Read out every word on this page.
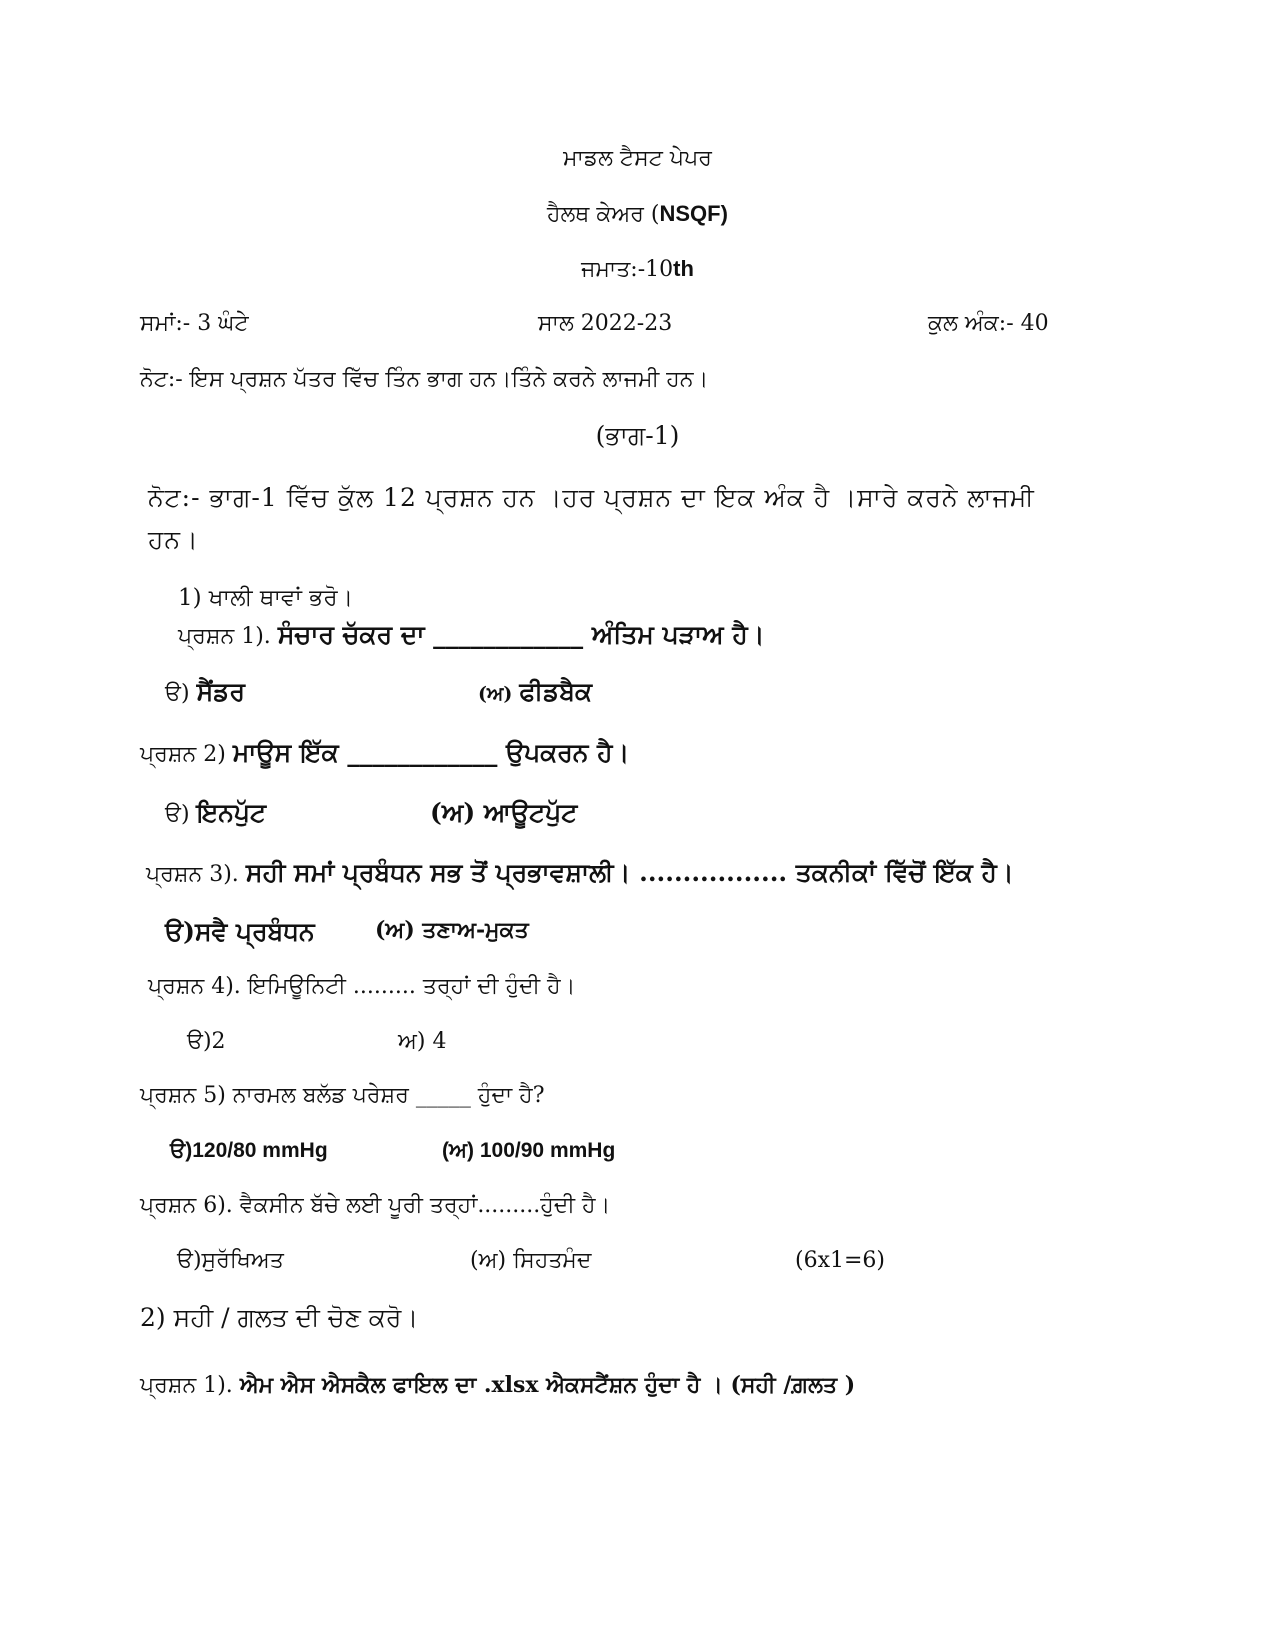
ਮਾਡਲ ਟੈਸਟ ਪੇਪਰ
ਹੈਲਥ ਕੇਅਰ (NSQF)
ਜਮਾਤ:-10th
ਸਮਾਂ:- 3 ਘੰਟੇ	ਸਾਲ 2022-23	ਕੁਲ ਅੰਕ:- 40
ਨੋਟ:- ਇਸ ਪ੍ਰਸ਼ਨ ਪੱਤਰ ਵਿੱਚ ਤਿੰਨ ਭਾਗ ਹਨ।ਤਿੰਨੇ ਕਰਨੇ ਲਾਜਮੀ ਹਨ।
(ਭਾਗ-1)
ਨੋਟ:- ਭਾਗ-1 ਵਿੱਚ ਕੁੱਲ 12 ਪ੍ਰਸ਼ਨ ਹਨ ।ਹਰ ਪ੍ਰਸ਼ਨ ਦਾ ਇਕ ਅੰਕ ਹੈ ।ਸਾਰੇ ਕਰਨੇ ਲਾਜਮੀ ਹਨ।
1) ਖਾਲੀ ਥਾਵਾਂ ਭਰੋ।
ਪ੍ਰਸ਼ਨ 1). ਸੰਚਾਰ ਚੱਕਰ ਦਾ ____________ ਅੰਤਿਮ ਪੜਾਅ ਹੈ।
ੳ) ਸੈਂਡਰ	(ਅ) ਫੀਡਬੈਕ
ਪ੍ਰਸ਼ਨ 2) ਮਾਊਸ ਇੱਕ ____________ ਉਪਕਰਨ ਹੈ।
ੳ) ਇਨਪੁੱਟ	(ਅ) ਆਊਟਪੁੱਟ
ਪ੍ਰਸ਼ਨ 3). ਸਹੀ ਸਮਾਂ ਪ੍ਰਬੰਧਨ ਸਭ ਤੋਂ ਪ੍ਰਭਾਵਸ਼ਾਲੀ। ................. ਤਕਨੀਕਾਂ ਵਿੱਚੋਂ ਇੱਕ ਹੈ।
ੳ)ਸਵੈ ਪ੍ਰਬੰਧਨ	(ਅ) ਤਣਾਅ-ਮੁਕਤ
ਪ੍ਰਸ਼ਨ 4). ਇਮਿਊਨਿਟੀ ......... ਤਰ੍ਹਾਂ ਦੀ ਹੁੰਦੀ ਹੈ।
ੳ)2	ਅ) 4
ਪ੍ਰਸ਼ਨ 5) ਨਾਰਮਲ ਬਲੱਡ ਪਰੇਸ਼ਰ _____ ਹੁੰਦਾ ਹੈ?
ੳ)120/80 mmHg	(ਅ) 100/90 mmHg
ਪ੍ਰਸ਼ਨ 6). ਵੈਕਸੀਨ ਬੱਚੇ ਲਈ ਪੂਰੀ ਤਰ੍ਹਾਂ.........ਹੁੰਦੀ ਹੈ।
ੳ)ਸੁਰੱਖਿਅਤ	(ਅ) ਸਿਹਤਮੰਦ	(6x1=6)
2) ਸਹੀ / ਗਲਤ ਦੀ ਚੋਣ ਕਰੋ।
ਪ੍ਰਸ਼ਨ 1). ਐਮ ਐਸ ਐਸਕੈਲ ਫਾਇਲ ਦਾ .xlsx ਐਕਸਟੈਂਸ਼ਨ ਹੁੰਦਾ ਹੈ । (ਸਹੀ /ਗ਼ਲਤ )
